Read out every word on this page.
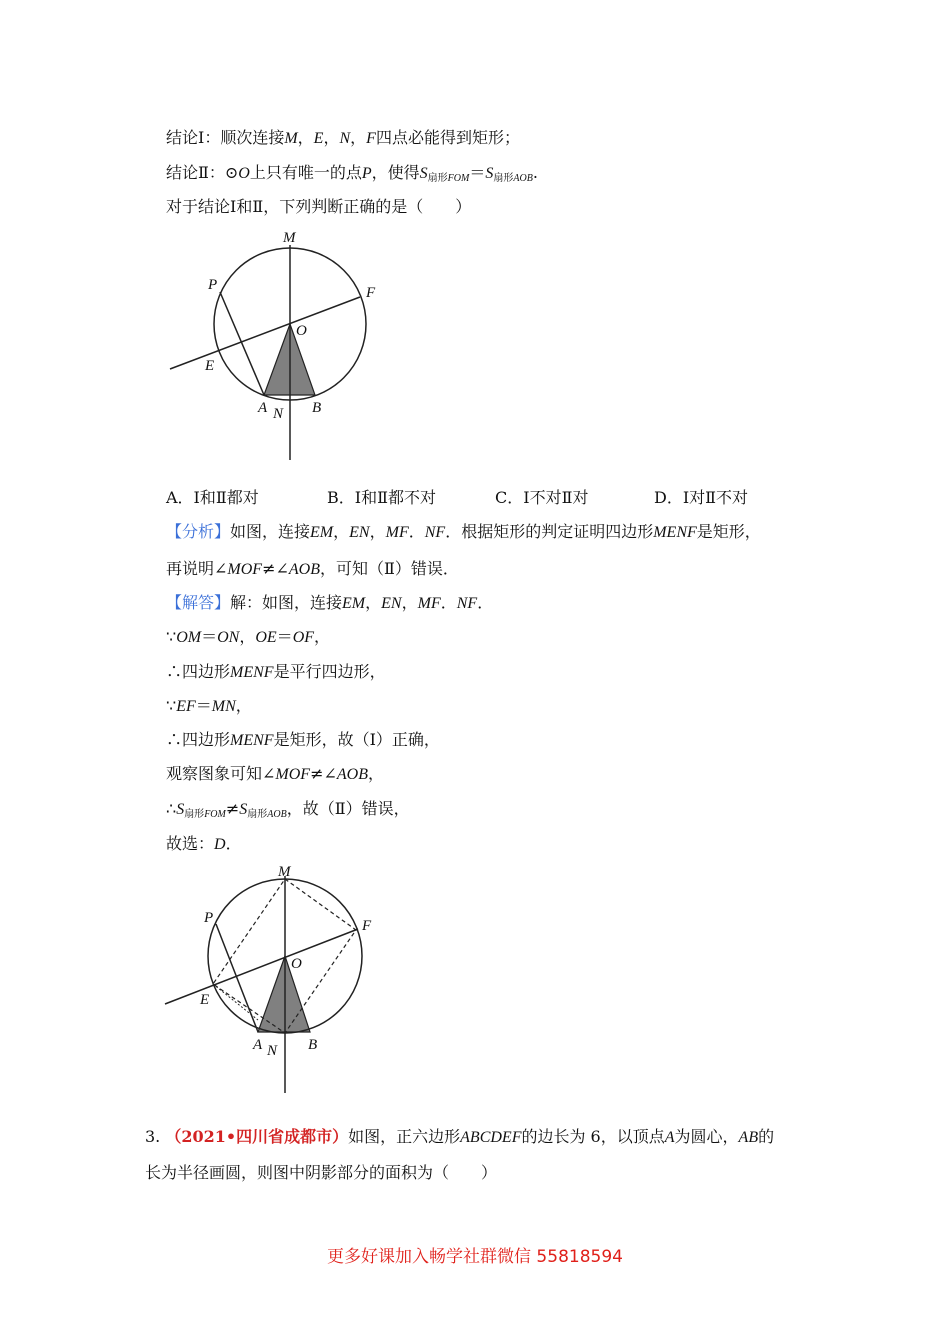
结论Ⅰ：顺次连接M，E，N，F四点必能得到矩形；
结论Ⅱ：⊙O上只有唯一的点P，使得$S_{扇形FOM}=S_{扇形AOB}$.
对于结论Ⅰ和Ⅱ，下列判断正确的是（　　）
M
F
P
O
E
A N B
A．Ⅰ和Ⅱ都对	B．Ⅰ和Ⅱ都不对	C．Ⅰ不对Ⅱ对	D．Ⅰ对Ⅱ不对
【分析】如图，连接EM，EN，MF．NF．根据矩形的判定证明四边形MENF是矩形，
再说明∠MOF≠∠AOB，可知（Ⅱ）错误．
【解答】解：如图，连接EM，EN，MF．NF．
∵OM＝ON，OE＝OF，
∴四边形MENF是平行四边形，
∵EF＝MN，
∴四边形MENF是矩形，故（Ⅰ）正确，
观察图象可知∠MOF≠∠AOB，
$\therefore S_{扇形FOM}\ne S_{扇形AOB}$，故（Ⅱ）错误，
故选：D．
M
F
P
O
E
A N B
3. （2021•四川省成都市）如图，正六边形ABCDEF的边长为 6，以顶点A为圆心，AB的
长为半径画圆，则图中阴影部分的面积为（　　）
更多好课加入畅学社群微信 55818594
